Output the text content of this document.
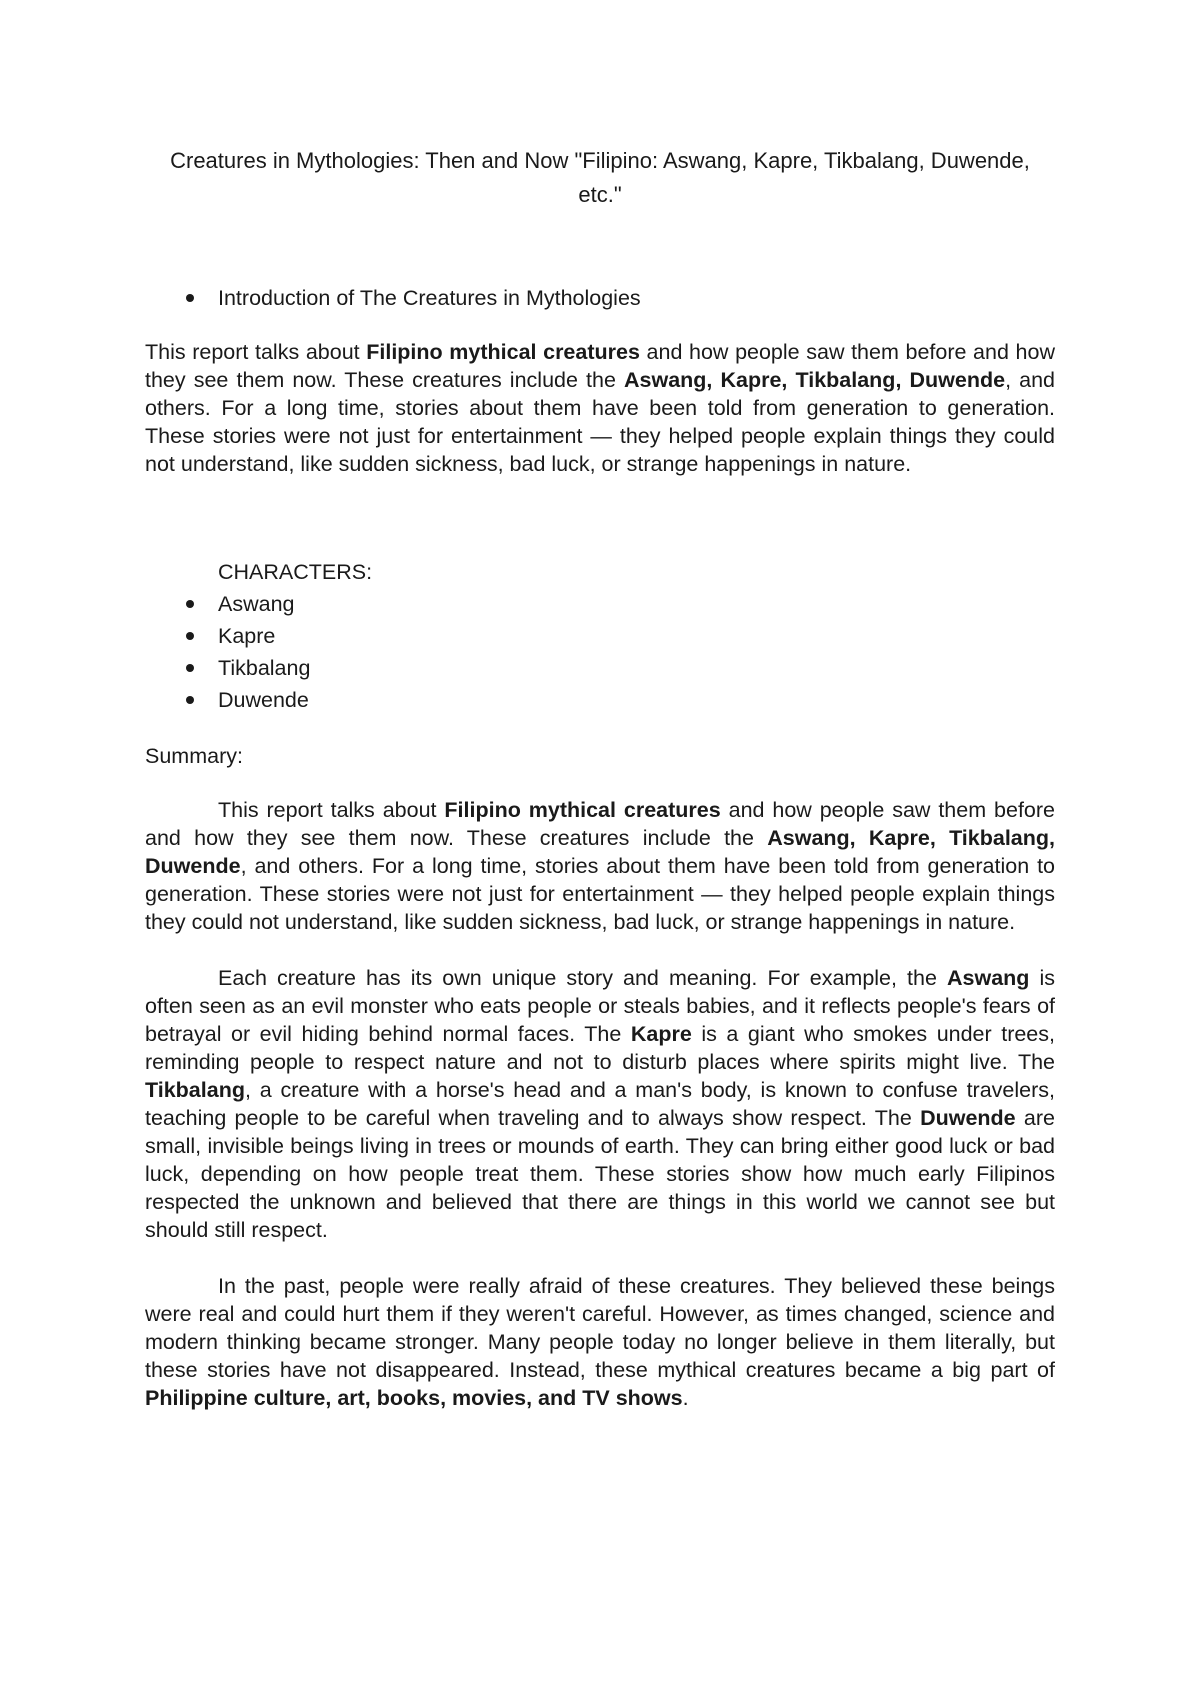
Creatures in Mythologies: Then and Now "Filipino: Aswang, Kapre, Tikbalang, Duwende, etc."
Introduction of The Creatures in Mythologies

This report talks about Filipino mythical creatures and how people saw them before and how they see them now. These creatures include the Aswang, Kapre, Tikbalang, Duwende, and others. For a long time, stories about them have been told from generation to generation. These stories were not just for entertainment — they helped people explain things they could not understand, like sudden sickness, bad luck, or strange happenings in nature.

CHARACTERS:
Aswang
Kapre
Tikbalang
Duwende

Summary:

This report talks about Filipino mythical creatures and how people saw them before and how they see them now. These creatures include the Aswang, Kapre, Tikbalang, Duwende, and others. For a long time, stories about them have been told from generation to generation. These stories were not just for entertainment — they helped people explain things they could not understand, like sudden sickness, bad luck, or strange happenings in nature.

Each creature has its own unique story and meaning. For example, the Aswang is often seen as an evil monster who eats people or steals babies, and it reflects people's fears of betrayal or evil hiding behind normal faces. The Kapre is a giant who smokes under trees, reminding people to respect nature and not to disturb places where spirits might live. The Tikbalang, a creature with a horse's head and a man's body, is known to confuse travelers, teaching people to be careful when traveling and to always show respect. The Duwende are small, invisible beings living in trees or mounds of earth. They can bring either good luck or bad luck, depending on how people treat them. These stories show how much early Filipinos respected the unknown and believed that there are things in this world we cannot see but should still respect.

In the past, people were really afraid of these creatures. They believed these beings were real and could hurt them if they weren't careful. However, as times changed, science and modern thinking became stronger. Many people today no longer believe in them literally, but these stories have not disappeared. Instead, these mythical creatures became a big part of Philippine culture, art, books, movies, and TV shows.
